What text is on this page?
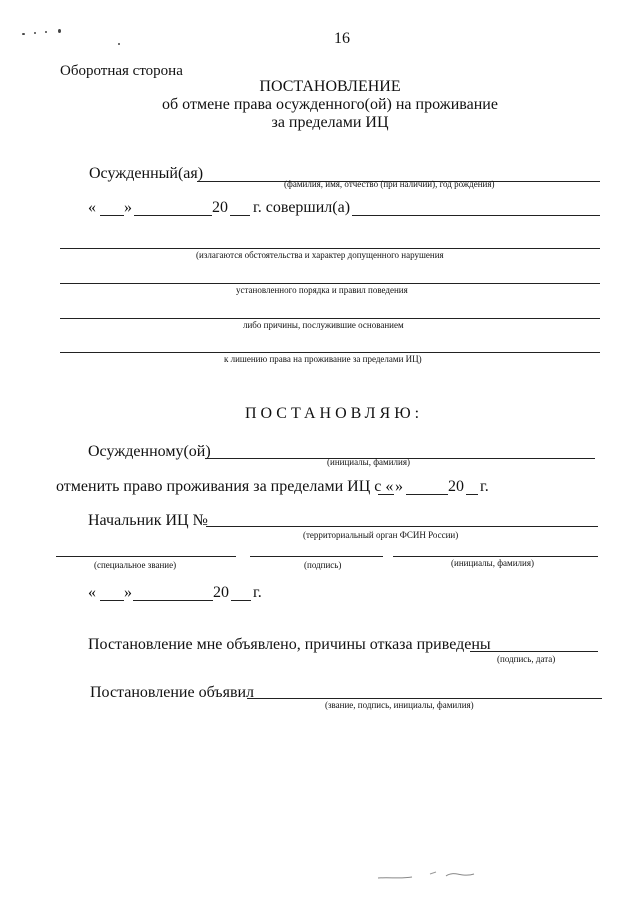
16
Оборотная сторона
ПОСТАНОВЛЕНИЕ
об отмене права осужденного(ой) на проживание
за пределами ИЦ
Осужденный(ая)
(фамилия, имя, отчество (при наличии), год рождения)
« »	20 г. совершил(а)
(излагаются обстоятельства и характер допущенного нарушения
установленного порядка и правил поведения
либо причины, послужившие основанием
к лишению права на проживание за пределами ИЦ)
ПОСТАНОВЛЯЮ:
Осужденному(ой)
(инициалы, фамилия)
отменить право проживания за пределами ИЦ с « »	20 г.
Начальник ИЦ №
(территориальный орган ФСИН России)
(специальное звание)	(подпись)	(инициалы, фамилия)
« »	20 г.
Постановление мне объявлено, причины отказа приведены
(подпись, дата)
Постановление объявил
(звание, подпись, инициалы, фамилия)
